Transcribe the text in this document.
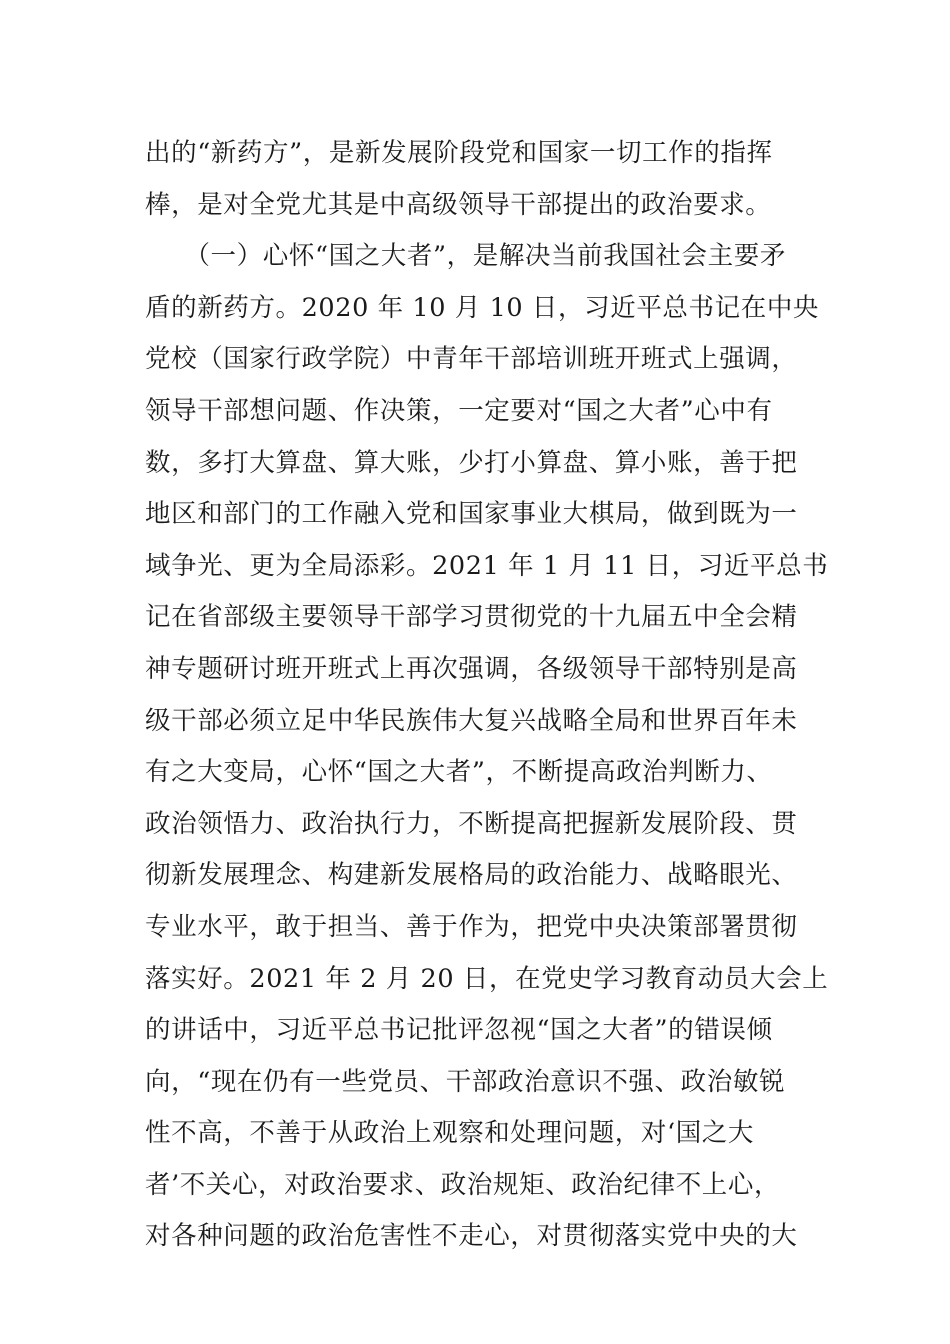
出的“新药方”，是新发展阶段党和国家一切工作的指挥
棒，是对全党尤其是中高级领导干部提出的政治要求。
　　（一）心怀“国之大者”，是解决当前我国社会主要矛
盾的新药方。2020 年 10 月 10 日，习近平总书记在中央
党校（国家行政学院）中青年干部培训班开班式上强调，
领导干部想问题、作决策，一定要对“国之大者”心中有
数，多打大算盘、算大账，少打小算盘、算小账，善于把
地区和部门的工作融入党和国家事业大棋局，做到既为一
域争光、更为全局添彩。2021 年 1 月 11 日，习近平总书
记在省部级主要领导干部学习贯彻党的十九届五中全会精
神专题研讨班开班式上再次强调，各级领导干部特别是高
级干部必须立足中华民族伟大复兴战略全局和世界百年未
有之大变局，心怀“国之大者”，不断提高政治判断力、
政治领悟力、政治执行力，不断提高把握新发展阶段、贯
彻新发展理念、构建新发展格局的政治能力、战略眼光、
专业水平，敢于担当、善于作为，把党中央决策部署贯彻
落实好。2021 年 2 月 20 日，在党史学习教育动员大会上
的讲话中，习近平总书记批评忽视“国之大者”的错误倾
向，“现在仍有一些党员、干部政治意识不强、政治敏锐
性不高，不善于从政治上观察和处理问题，对‘国之大
者’不关心，对政治要求、政治规矩、政治纪律不上心，
对各种问题的政治危害性不走心，对贯彻落实党中央的大
